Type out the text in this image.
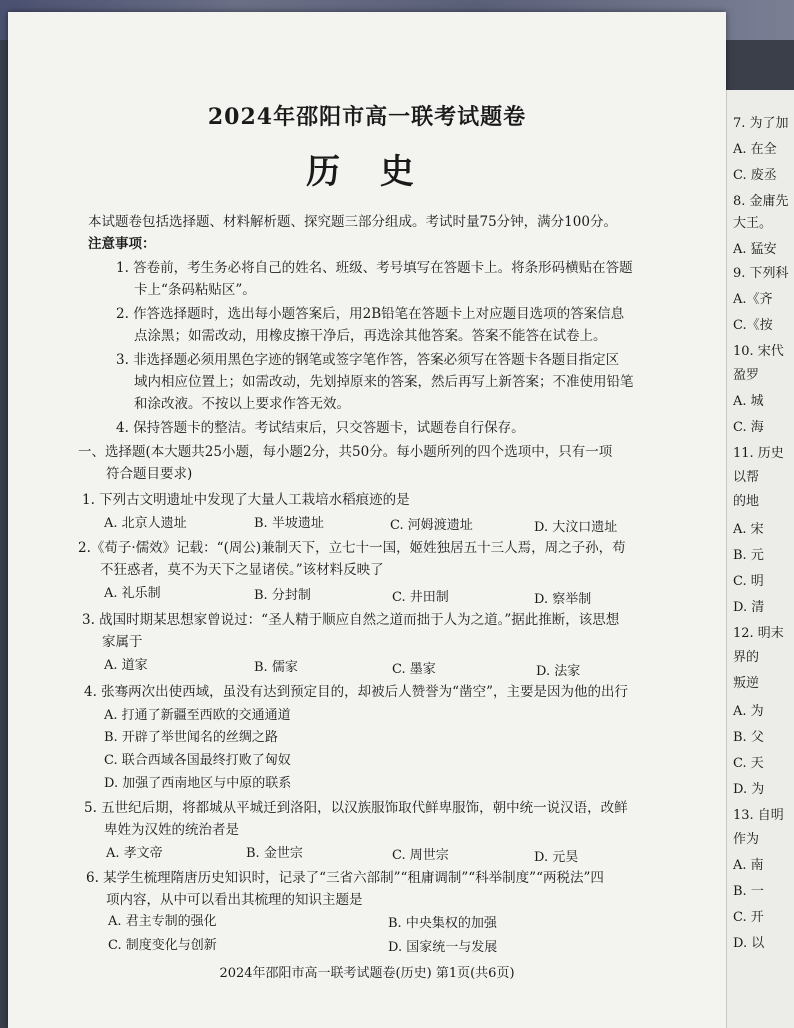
2024年邵阳市高一联考试题卷
历 史
本试题卷包括选择题、材料解析题、探究题三部分组成。考试时量75分钟，满分100分。
注意事项：
1. 答卷前，考生务必将自己的姓名、班级、考号填写在答题卡上。将条形码横贴在答题
卡上“条码粘贴区”。
2. 作答选择题时，选出每小题答案后，用2B铅笔在答题卡上对应题目选项的答案信息
点涂黑；如需改动，用橡皮擦干净后，再选涂其他答案。答案不能答在试卷上。
3. 非选择题必须用黑色字迹的钢笔或签字笔作答，答案必须写在答题卡各题目指定区
域内相应位置上；如需改动，先划掉原来的答案，然后再写上新答案；不准使用铅笔
和涂改液。不按以上要求作答无效。
4. 保持答题卡的整洁。考试结束后，只交答题卡，试题卷自行保存。
一、选择题(本大题共25小题，每小题2分，共50分。每小题所列的四个选项中，只有一项
符合题目要求)
1. 下列古文明遗址中发现了大量人工栽培水稻痕迹的是
A. 北京人遗址	B. 半坡遗址	C. 河姆渡遗址	D. 大汶口遗址
2.《荀子·儒效》记载：“(周公)兼制天下，立七十一国，姬姓独居五十三人焉，周之子孙，苟
不狂惑者，莫不为天下之显诸侯。”该材料反映了
A. 礼乐制	B. 分封制	C. 井田制	D. 察举制
3. 战国时期某思想家曾说过：“圣人精于顺应自然之道而拙于人为之道。”据此推断，该思想
家属于
A. 道家	B. 儒家	C. 墨家	D. 法家
4. 张骞两次出使西域，虽没有达到预定目的，却被后人赞誉为“凿空”，主要是因为他的出行
A. 打通了新疆至西欧的交通通道
B. 开辟了举世闻名的丝绸之路
C. 联合西域各国最终打败了匈奴
D. 加强了西南地区与中原的联系
5. 五世纪后期，将都城从平城迁到洛阳，以汉族服饰取代鲜卑服饰，朝中统一说汉语，改鲜
卑姓为汉姓的统治者是
A. 孝文帝	B. 金世宗	C. 周世宗	D. 元昊
6. 某学生梳理隋唐历史知识时，记录了“三省六部制”“租庸调制”“科举制度”“两税法”四
项内容，从中可以看出其梳理的知识主题是
A. 君主专制的强化	B. 中央集权的加强
C. 制度变化与创新	D. 国家统一与发展
2024年邵阳市高一联考试题卷(历史) 第1页(共6页)
7. 为了加
A. 在全
C. 废丞
8. 金庸先
大王。
A. 猛安
9. 下列科
A.《齐
C.《按
10. 宋代
盈罗
A. 城
C. 海
11. 历史
以帮
的地
A. 宋
B. 元
C. 明
D. 清
12. 明末
界的
叛逆
A. 为
B. 父
C. 天
D. 为
13. 自明
作为
A. 南
B. 一
C. 开
D. 以
